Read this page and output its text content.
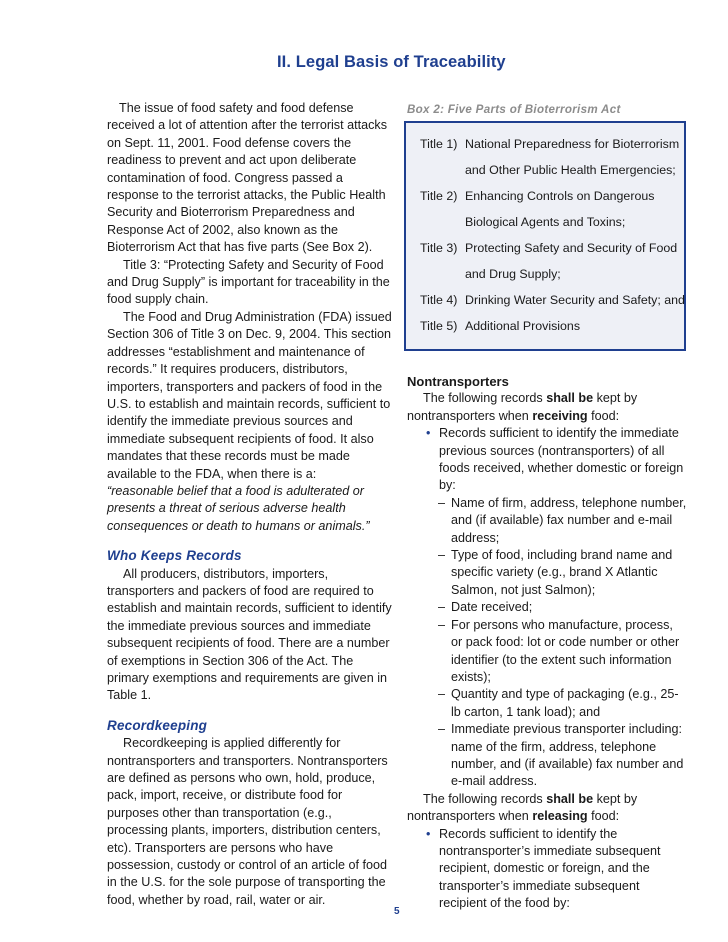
II. Legal Basis of Traceability

The issue of food safety and food defense received a lot of attention after the terrorist attacks on Sept. 11, 2001. Food defense covers the readiness to prevent and act upon deliberate contamination of food. Congress passed a response to the terrorist attacks, the Public Health Security and Bioterrorism Preparedness and Response Act of 2002, also known as the Bioterrorism Act that has five parts (See Box 2).

Title 3: “Protecting Safety and Security of Food and Drug Supply” is important for traceability in the food supply chain.

The Food and Drug Administration (FDA) issued Section 306 of Title 3 on Dec. 9, 2004. This section addresses “establishment and maintenance of records.” It requires producers, distributors, importers, transporters and packers of food in the U.S. to establish and maintain records, sufficient to identify the immediate previous sources and immediate subsequent recipients of food. It also mandates that these records must be made available to the FDA, when there is a:

“reasonable belief that a food is adulterated or presents a threat of serious adverse health consequences or death to humans or animals.”

Who Keeps Records

All producers, distributors, importers, transporters and packers of food are required to establish and maintain records, sufficient to identify the immediate previous sources and immediate subsequent recipients of food. There are a number of exemptions in Section 306 of the Act. The primary exemptions and requirements are given in Table 1.

Recordkeeping

Recordkeeping is applied differently for nontransporters and transporters. Nontransporters are defined as persons who own, hold, produce, pack, import, receive, or distribute food for purposes other than transportation (e.g., processing plants, importers, distribution centers, etc). Transporters are persons who have possession, custody or control of an article of food in the U.S. for the sole purpose of transporting the food, whether by road, rail, water or air.

Box 2: Five Parts of Bioterrorism Act
Title 1) National Preparedness for Bioterrorism
and Other Public Health Emergencies;
Title 2) Enhancing Controls on Dangerous
Biological Agents and Toxins;
Title 3) Protecting Safety and Security of Food
and Drug Supply;
Title 4) Drinking Water Security and Safety; and
Title 5) Additional Provisions

Nontransporters

The following records shall be kept by nontransporters when receiving food:

• Records sufficient to identify the immediate previous sources (nontransporters) of all foods received, whether domestic or foreign by:
– Name of firm, address, telephone number, and (if available) fax number and e-mail address;
– Type of food, including brand name and specific variety (e.g., brand X Atlantic Salmon, not just Salmon);
– Date received;
– For persons who manufacture, process, or pack food: lot or code number or other identifier (to the extent such information exists);
– Quantity and type of packaging (e.g., 25-lb carton, 1 tank load); and
– Immediate previous transporter including: name of the firm, address, telephone number, and (if available) fax number and e-mail address.

The following records shall be kept by nontransporters when releasing food:

• Records sufficient to identify the nontransporter’s immediate subsequent recipient, domestic or foreign, and the transporter’s immediate subsequent recipient of the food by:
5
